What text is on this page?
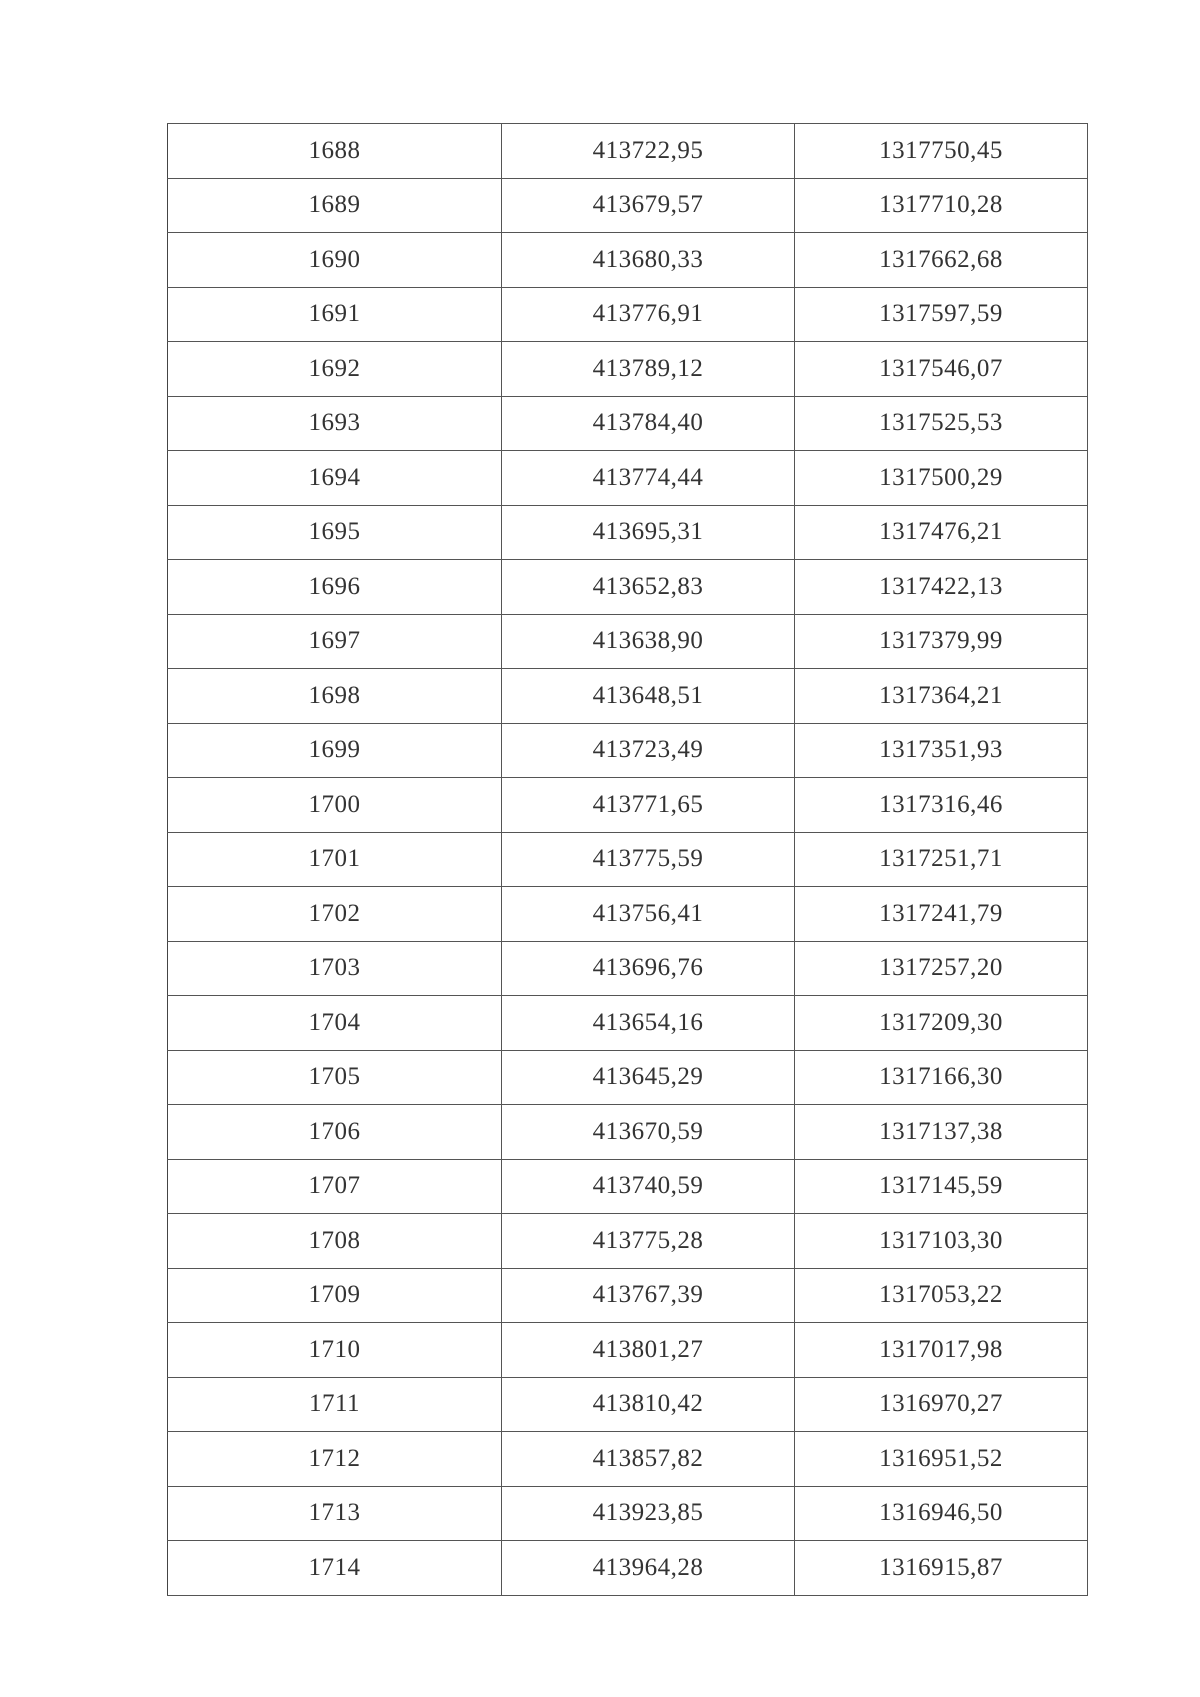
1688	413722,95	1317750,45
1689	413679,57	1317710,28
1690	413680,33	1317662,68
1691	413776,91	1317597,59
1692	413789,12	1317546,07
1693	413784,40	1317525,53
1694	413774,44	1317500,29
1695	413695,31	1317476,21
1696	413652,83	1317422,13
1697	413638,90	1317379,99
1698	413648,51	1317364,21
1699	413723,49	1317351,93
1700	413771,65	1317316,46
1701	413775,59	1317251,71
1702	413756,41	1317241,79
1703	413696,76	1317257,20
1704	413654,16	1317209,30
1705	413645,29	1317166,30
1706	413670,59	1317137,38
1707	413740,59	1317145,59
1708	413775,28	1317103,30
1709	413767,39	1317053,22
1710	413801,27	1317017,98
1711	413810,42	1316970,27
1712	413857,82	1316951,52
1713	413923,85	1316946,50
1714	413964,28	1316915,87
